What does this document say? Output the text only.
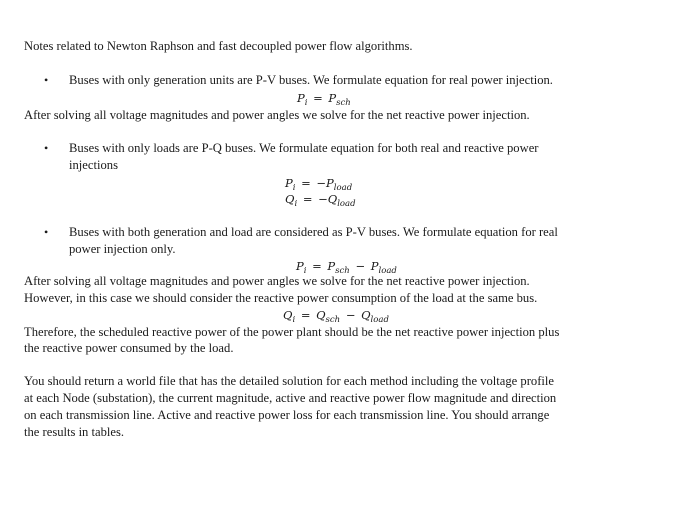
Notes related to Newton Raphson and fast decoupled power flow algorithms.
• Buses with only generation units are P-V buses. We formulate equation for real power injection.
$P_i = P_{sch}$
After solving all voltage magnitudes and power angles we solve for the net reactive power injection.
• Buses with only loads are P-Q buses. We formulate equation for both real and reactive power
injections
$P_i = -P_{load}$
$Q_i = -Q_{load}$
• Buses with both generation and load are considered as P-V buses. We formulate equation for real
power injection only.
$P_i = P_{sch} - P_{load}$
After solving all voltage magnitudes and power angles we solve for the net reactive power injection.
However, in this case we should consider the reactive power consumption of the load at the same bus.
$Q_i = Q_{sch} - Q_{load}$
Therefore, the scheduled reactive power of the power plant should be the net reactive power injection plus
the reactive power consumed by the load.
You should return a world file that has the detailed solution for each method including the voltage profile
at each Node (substation), the current magnitude, active and reactive power flow magnitude and direction
on each transmission line. Active and reactive power loss for each transmission line. You should arrange
the results in tables.
